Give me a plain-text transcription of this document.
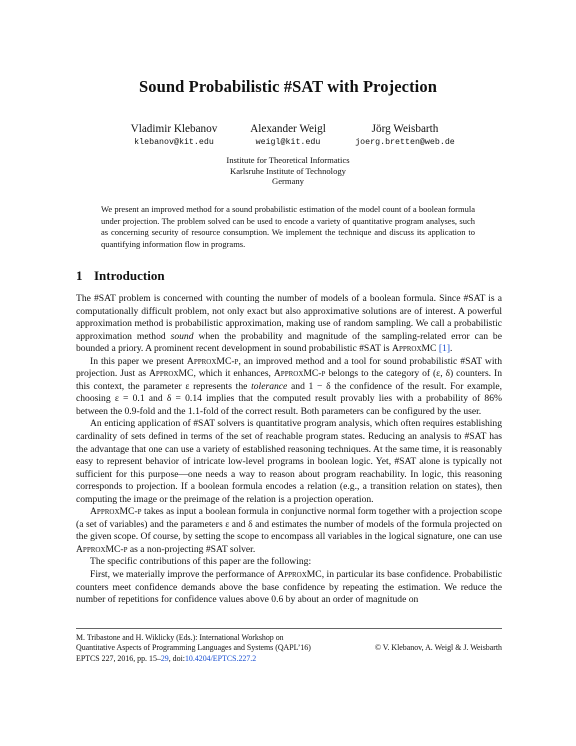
Sound Probabilistic #SAT with Projection
Vladimir Klebanov
klebanov@kit.edu
Alexander Weigl
weigl@kit.edu
Jörg Weisbarth
joerg.bretten@web.de
Institute for Theoretical Informatics
Karlsruhe Institute of Technology
Germany
We present an improved method for a sound probabilistic estimation of the model count of a boolean formula under projection. The problem solved can be used to encode a variety of quantitative program analyses, such as concerning security of resource consumption. We implement the technique and discuss its application to quantifying information flow in programs.
1 Introduction

The #SAT problem is concerned with counting the number of models of a boolean formula. Since #SAT is a computationally difficult problem, not only exact but also approximative solutions are of interest. A powerful approximation method is probabilistic approximation, making use of random sampling. We call a probabilistic approximation method sound when the probability and magnitude of the sampling-related error can be bounded a priory. A prominent recent development in sound probabilistic #SAT is ApproxMC [1].

In this paper we present ApproxMC-p, an improved method and a tool for sound probabilistic #SAT with projection. Just as ApproxMC, which it enhances, ApproxMC-p belongs to the category of (ε, δ) counters. In this context, the parameter ε represents the tolerance and 1 − δ the confidence of the result. For example, choosing ε = 0.1 and δ = 0.14 implies that the computed result provably lies with a probability of 86% between the 0.9-fold and the 1.1-fold of the correct result. Both parameters can be configured by the user.

An enticing application of #SAT solvers is quantitative program analysis, which often requires establishing cardinality of sets defined in terms of the set of reachable program states. Reducing an analysis to #SAT has the advantage that one can use a variety of established reasoning techniques. At the same time, it is reasonably easy to represent behavior of intricate low-level programs in boolean logic. Yet, #SAT alone is typically not sufficient for this purpose—one needs a way to reason about program reachability. In logic, this reasoning corresponds to projection. If a boolean formula encodes a relation (e.g., a transition relation on states), then computing the image or the preimage of the relation is a projection operation.

ApproxMC-p takes as input a boolean formula in conjunctive normal form together with a projection scope (a set of variables) and the parameters ε and δ and estimates the number of models of the formula projected on the given scope. Of course, by setting the scope to encompass all variables in the logical signature, one can use ApproxMC-p as a non-projecting #SAT solver.

The specific contributions of this paper are the following:

First, we materially improve the performance of ApproxMC, in particular its base confidence. Probabilistic counters meet confidence demands above the base confidence by repeating the estimation. We reduce the number of repetitions for confidence values above 0.6 by about an order of magnitude on

M. Tribastone and H. Wiklicky (Eds.): International Workshop on
Quantitative Aspects of Programming Languages and Systems (QAPL’16)	© V. Klebanov, A. Weigl & J. Weisbarth
EPTCS 227, 2016, pp. 15–29, doi:10.4204/EPTCS.227.2
